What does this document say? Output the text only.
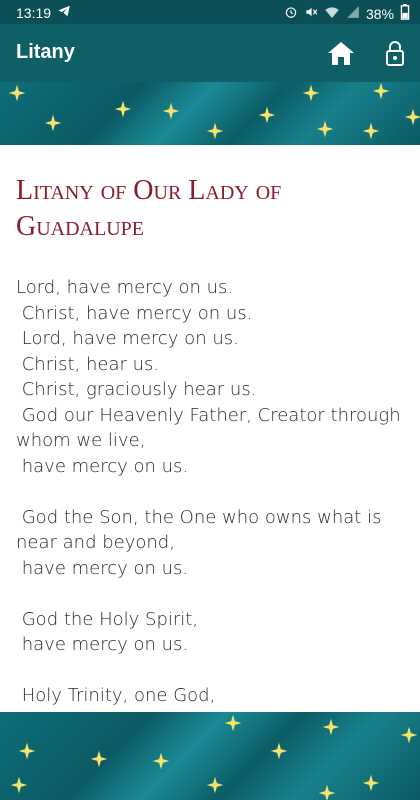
13:19	38%
Litany
Litany of Our Lady of Guadalupe
Lord, have mercy on us.
Christ, have mercy on us.
Lord, have mercy on us.
Christ, hear us.
Christ, graciously hear us.
God our Heavenly Father, Creator through whom we live,
have mercy on us.

God the Son, the One who owns what is near and beyond,
have mercy on us.

God the Holy Spirit,
have mercy on us.

Holy Trinity, one God,
